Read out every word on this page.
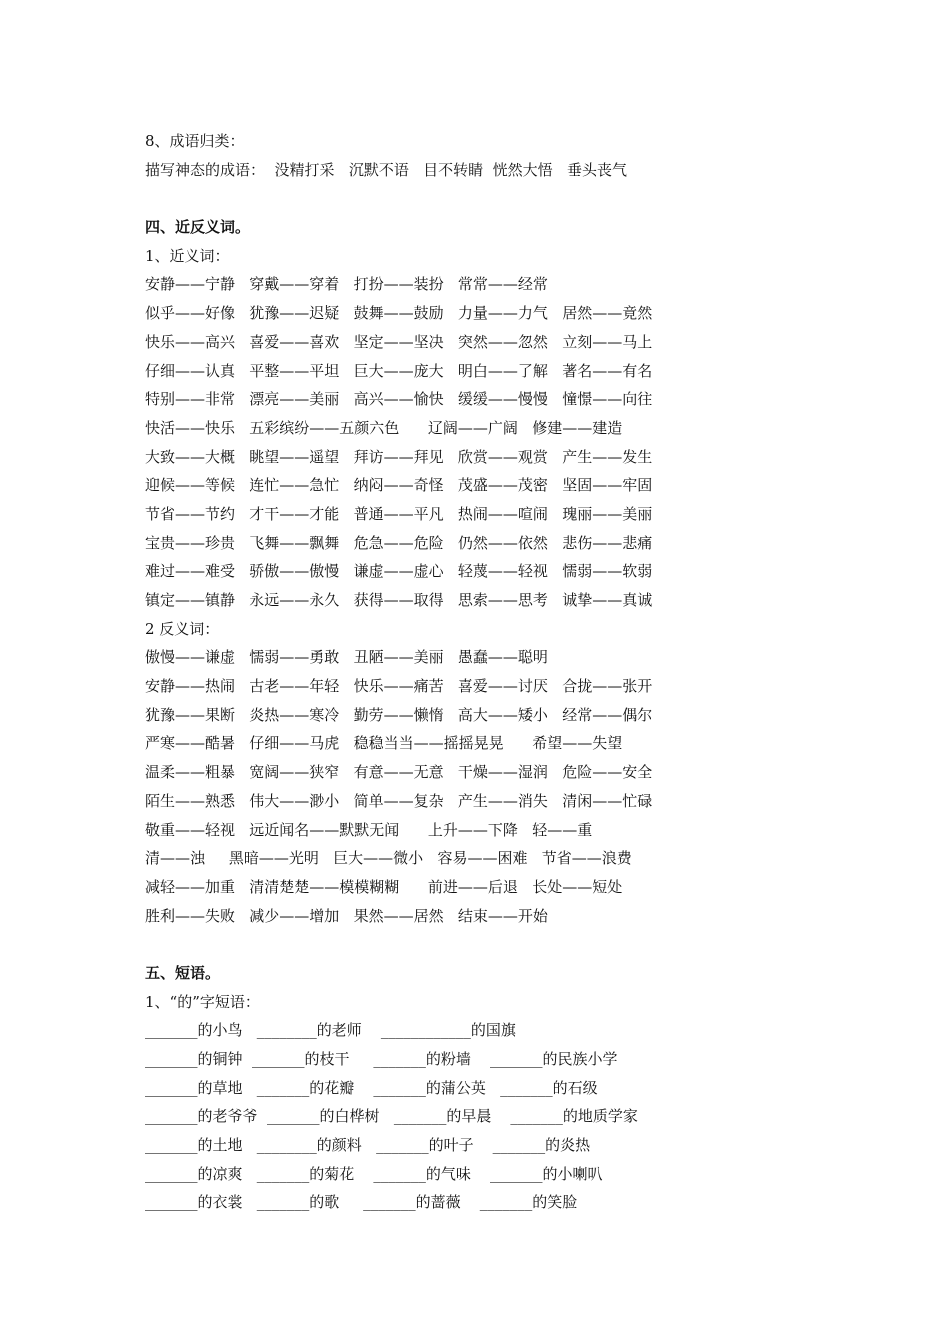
8、成语归类：
描写神态的成语：  没精打采   沉默不语   目不转睛  恍然大悟   垂头丧气
四、近反义词。
1、近义词：
安静——宁静   穿戴——穿着   打扮——装扮   常常——经常
似乎——好像   犹豫——迟疑   鼓舞——鼓励   力量——力气   居然——竟然
快乐——高兴   喜爱——喜欢   坚定——坚决   突然——忽然   立刻——马上
仔细——认真   平整——平坦   巨大——庞大   明白——了解   著名——有名
特别——非常   漂亮——美丽   高兴——愉快   缓缓——慢慢   憧憬——向往
快活——快乐   五彩缤纷——五颜六色      辽阔——广阔   修建——建造
大致——大概   眺望——遥望   拜访——拜见   欣赏——观赏   产生——发生
迎候——等候   连忙——急忙   纳闷——奇怪   茂盛——茂密   坚固——牢固
节省——节约   才干——才能   普通——平凡   热闹——喧闹   瑰丽——美丽
宝贵——珍贵   飞舞——飘舞   危急——危险   仍然——依然   悲伤——悲痛
难过——难受   骄傲——傲慢   谦虚——虚心   轻蔑——轻视   懦弱——软弱
镇定——镇静   永远——永久   获得——取得   思索——思考   诚挚——真诚
2 反义词：
傲慢——谦虚   懦弱——勇敢   丑陋——美丽   愚蠢——聪明
安静——热闹   古老——年轻   快乐——痛苦   喜爱——讨厌   合拢——张开
犹豫——果断   炎热——寒冷   勤劳——懒惰   高大——矮小   经常——偶尔
严寒——酷暑   仔细——马虎   稳稳当当——摇摇晃晃      希望——失望
温柔——粗暴   宽阔——狭窄   有意——无意   干燥——湿润   危险——安全
陌生——熟悉   伟大——渺小   简单——复杂   产生——消失   清闲——忙碌
敬重——轻视   远近闻名——默默无闻      上升——下降   轻——重
清——浊     黑暗——光明   巨大——微小   容易——困难   节省——浪费
减轻——加重   清清楚楚——模模糊糊      前进——后退   长处——短处
胜利——失败   减少——增加   果然——居然   结束——开始
五、短语。
1、“的”字短语：
_______的小鸟   ________的老师    ____________的国旗
_______的铜钟  _______的枝干     _______的粉墙    _______的民族小学
_______的草地   _______的花瓣    _______的蒲公英   _______的石级
_______的老爷爷  _______的白桦树   _______的早晨    _______的地质学家
_______的土地   ________的颜料   _______的叶子    _______的炎热
_______的凉爽   _______的菊花    _______的气味    _______的小喇叭
_______的衣裳   _______的歌     _______的蔷薇    _______的笑脸
